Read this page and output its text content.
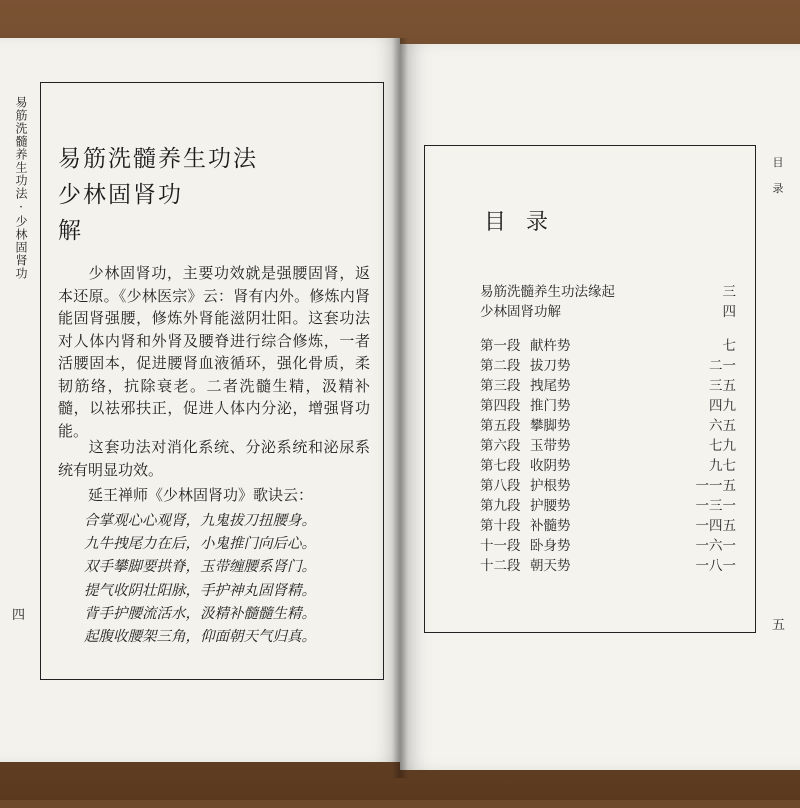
易筋洗髓养生功法·少林固肾功
四
易筋洗髓养生功法
少林固肾功
解
少林固肾功，主要功效就是强腰固肾，返本还原。《少林医宗》云：肾有内外。修炼内肾能固肾强腰，修炼外肾能滋阴壮阳。这套功法对人体内肾和外肾及腰脊进行综合修炼，一者活腰固本，促进腰肾血液循环，强化骨质，柔韧筋络，抗除衰老。二者洗髓生精，汲精补髓，以祛邪扶正，促进人体内分泌，增强肾功能。
这套功法对消化系统、分泌系统和泌尿系统有明显功效。
延王禅师《少林固肾功》歌诀云：
合掌观心心观肾，九鬼拔刀扭腰身。
九牛拽尾力在后，小鬼推门向后心。
双手攀脚要拱脊，玉带缠腰系肾门。
提气收阴壮阳脉，手护神丸固肾精。
背手护腰流活水，汲精补髓髓生精。
起腹收腰架三角，仰面朝天气归真。
目
录
五
目录
易筋洗髓养生功法缘起	三
少林固肾功解	四
第一段 献杵势	七
第二段 拔刀势	二一
第三段 拽尾势	三五
第四段 推门势	四九
第五段 攀脚势	六五
第六段 玉带势	七九
第七段 收阴势	九七
第八段 护根势	一一五
第九段 护腰势	一三一
第十段 补髓势	一四五
十一段 卧身势	一六一
十二段 朝天势	一八一
